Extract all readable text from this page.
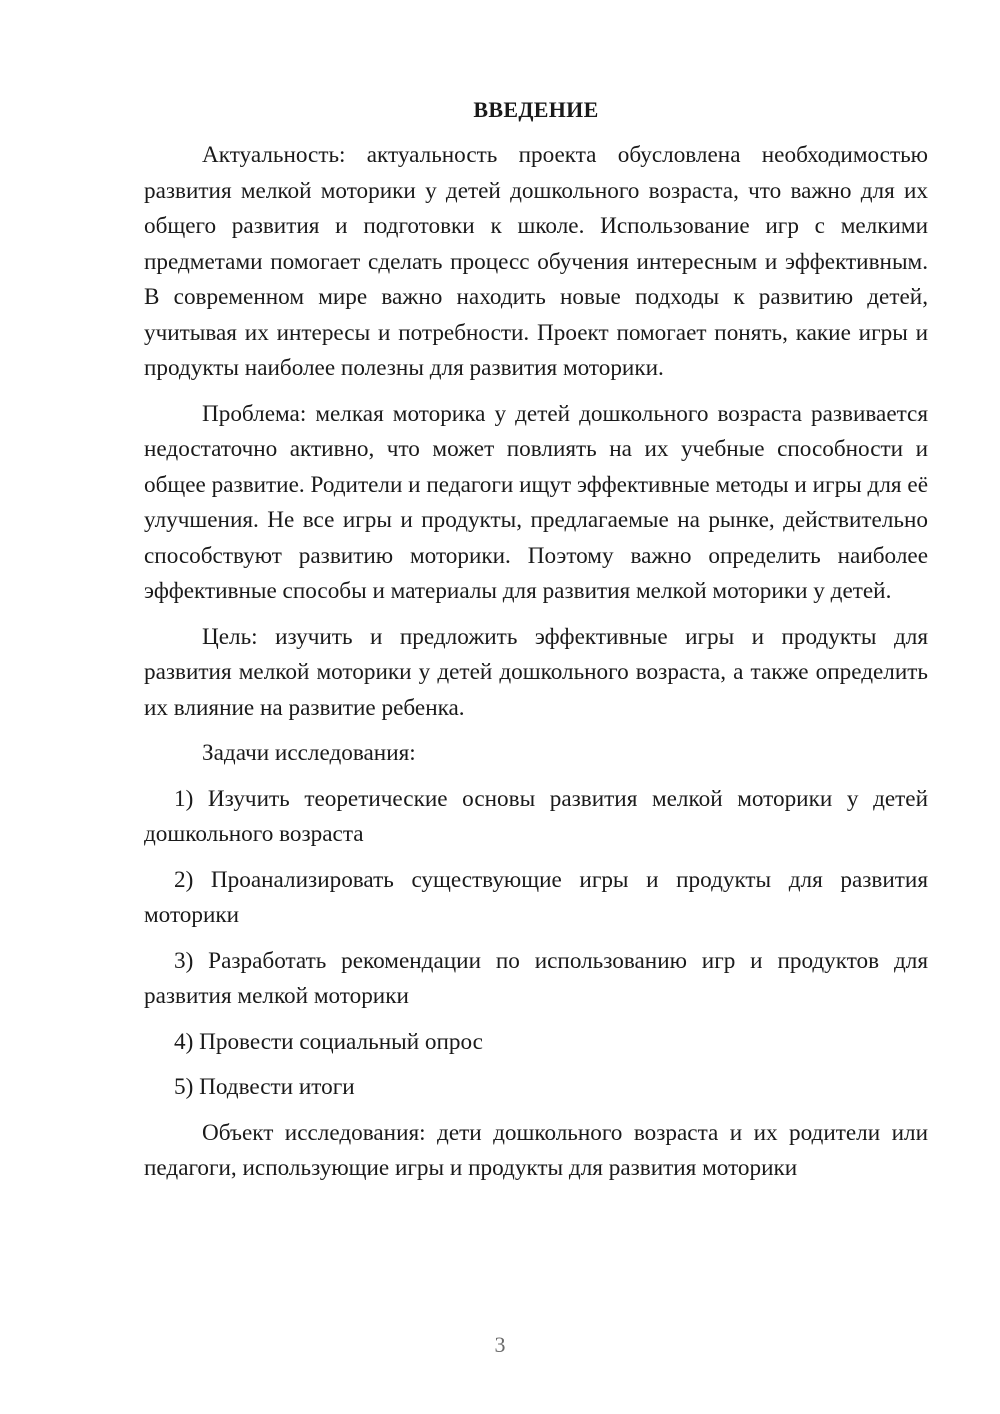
ВВЕДЕНИЕ

Актуальность: актуальность проекта обусловлена необходимостью развития мелкой моторики у детей дошкольного возраста, что важно для их общего развития и подготовки к школе. Использование игр с мелкими предметами помогает сделать процесс обучения интересным и эффективным. В современном мире важно находить новые подходы к развитию детей, учитывая их интересы и потребности. Проект помогает понять, какие игры и продукты наиболее полезны для развития моторики.

Проблема: мелкая моторика у детей дошкольного возраста развивается недостаточно активно, что может повлиять на их учебные способности и общее развитие. Родители и педагоги ищут эффективные методы и игры для её улучшения. Не все игры и продукты, предлагаемые на рынке, действительно способствуют развитию моторики. Поэтому важно определить наиболее эффективные способы и материалы для развития мелкой моторики у детей.

Цель: изучить и предложить эффективные игры и продукты для развития мелкой моторики у детей дошкольного возраста, а также определить их влияние на развитие ребенка.

Задачи исследования:

1) Изучить теоретические основы развития мелкой моторики у детей дошкольного возраста

2) Проанализировать существующие игры и продукты для развития моторики

3) Разработать рекомендации по использованию игр и продуктов для развития мелкой моторики

4) Провести социальный опрос

5) Подвести итоги

Объект исследования: дети дошкольного возраста и их родители или педагоги, использующие игры и продукты для развития моторики

3
